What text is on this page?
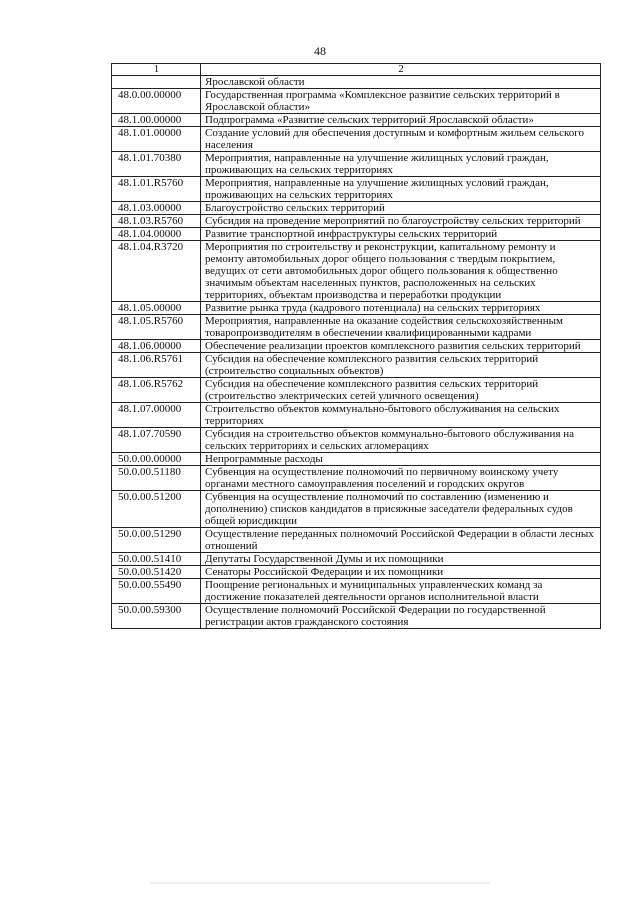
48
1	2
	Ярославской области
48.0.00.00000	Государственная программа «Комплексное развитие сельских территорий в Ярославской области»
48.1.00.00000	Подпрограмма «Развитие сельских территорий Ярославской области»
48.1.01.00000	Создание условий для обеспечения доступным и комфортным жильем сельского населения
48.1.01.70380	Мероприятия, направленные на улучшение жилищных условий граждан, проживающих на сельских территориях
48.1.01.R5760	Мероприятия, направленные на улучшение жилищных условий граждан, проживающих на сельских территориях
48.1.03.00000	Благоустройство сельских территорий
48.1.03.R5760	Субсидия на проведение мероприятий по благоустройству сельских территорий
48.1.04.00000	Развитие транспортной инфраструктуры сельских территорий
48.1.04.R3720	Мероприятия по строительству и реконструкции, капитальному ремонту и ремонту автомобильных дорог общего пользования с твердым покрытием, ведущих от сети автомобильных дорог общего пользования к общественно значимым объектам населенных пунктов, расположенных на сельских территориях, объектам производства и переработки продукции
48.1.05.00000	Развитие рынка труда (кадрового потенциала) на сельских территориях
48.1.05.R5760	Мероприятия, направленные на оказание содействия сельскохозяйственным товаропроизводителям в обеспечении квалифицированными кадрами
48.1.06.00000	Обеспечение реализации проектов комплексного развития сельских территорий
48.1.06.R5761	Субсидия на обеспечение комплексного развития сельских территорий (строительство социальных объектов)
48.1.06.R5762	Субсидия на обеспечение комплексного развития сельских территорий (строительство электрических сетей уличного освещения)
48.1.07.00000	Строительство объектов коммунально-бытового обслуживания на сельских территориях
48.1.07.70590	Субсидия на строительство объектов коммунально-бытового обслуживания на сельских территориях и сельских агломерациях
50.0.00.00000	Непрограммные расходы
50.0.00.51180	Субвенция на осуществление полномочий по первичному воинскому учету органами местного самоуправления поселений и городских округов
50.0.00.51200	Субвенция на осуществление полномочий по составлению (изменению и дополнению) списков кандидатов в присяжные заседатели федеральных судов общей юрисдикции
50.0.00.51290	Осуществление переданных полномочий Российской Федерации в области лесных отношений
50.0.00.51410	Депутаты Государственной Думы и их помощники
50.0.00.51420	Сенаторы Российской Федерации и их помощники
50.0.00.55490	Поощрение региональных и муниципальных управленческих команд за достижение показателей деятельности органов исполнительной власти
50.0.00.59300	Осуществление полномочий Российской Федерации по государственной регистрации актов гражданского состояния
